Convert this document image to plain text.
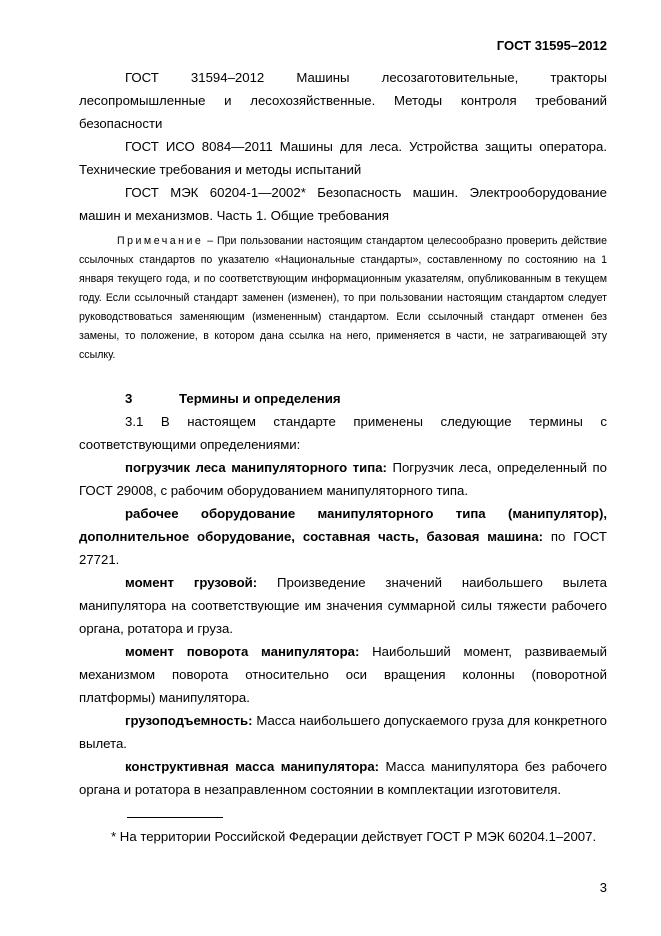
ГОСТ 31595–2012

ГОСТ 31594–2012 Машины лесозаготовительные, тракторы лесопромышленные и лесохозяйственные. Методы контроля требований безопасности

ГОСТ ИСО 8084—2011 Машины для леса. Устройства защиты оператора. Технические требования и методы испытаний

ГОСТ МЭК 60204-1—2002* Безопасность машин. Электрооборудование машин и механизмов. Часть 1. Общие требования

Примечание – При пользовании настоящим стандартом целесообразно проверить действие ссылочных стандартов по указателю «Национальные стандарты», составленному по состоянию на 1 января текущего года, и по соответствующим информационным указателям, опубликованным в текущем году. Если ссылочный стандарт заменен (изменен), то при пользовании настоящим стандартом следует руководствоваться заменяющим (измененным) стандартом. Если ссылочный стандарт отменен без замены, то положение, в котором дана ссылка на него, применяется в части, не затрагивающей эту ссылку.
3	Термины и определения

3.1 В настоящем стандарте применены следующие термины с соответствующими определениями:

погрузчик леса манипуляторного типа: Погрузчик леса, определенный по ГОСТ 29008, с рабочим оборудованием манипуляторного типа.

рабочее оборудование манипуляторного типа (манипулятор), дополнительное оборудование, составная часть, базовая машина: по ГОСТ 27721.

момент грузовой: Произведение значений наибольшего вылета манипулятора на соответствующие им значения суммарной силы тяжести рабочего органа, ротатора и груза.

момент поворота манипулятора: Наибольший момент, развиваемый механизмом поворота относительно оси вращения колонны (поворотной платформы) манипулятора.

грузоподъемность: Масса наибольшего допускаемого груза для конкретного вылета.

конструктивная масса манипулятора: Масса манипулятора без рабочего органа и ротатора в незаправленном состоянии в комплектации изготовителя.

* На территории Российской Федерации действует ГОСТ Р МЭК 60204.1–2007.
3
